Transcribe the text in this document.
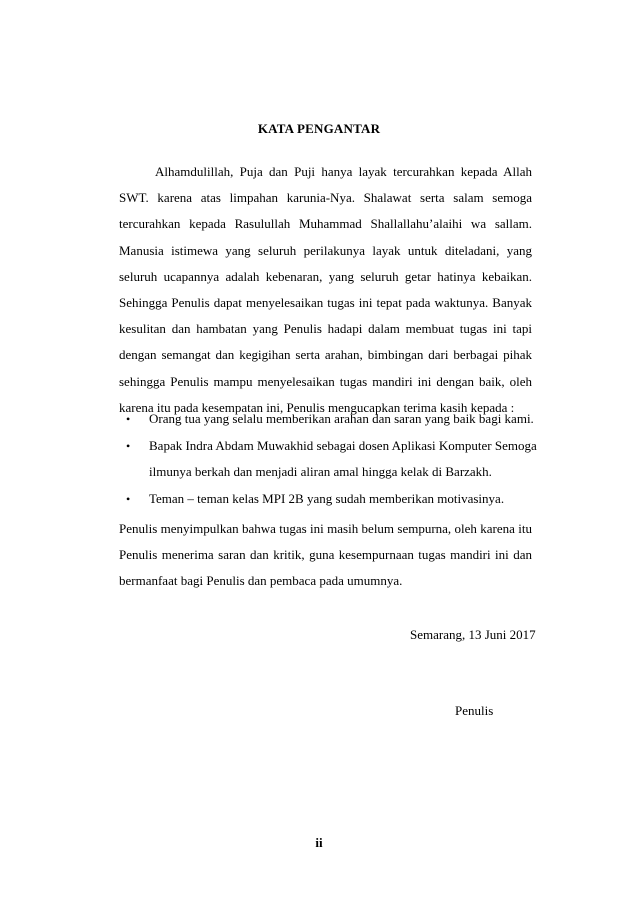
KATA PENGANTAR

Alhamdulillah, Puja dan Puji hanya layak tercurahkan kepada Allah SWT. karena atas limpahan karunia-Nya. Shalawat serta salam semoga tercurahkan kepada Rasulullah Muhammad Shallallahu’alaihi wa sallam. Manusia istimewa yang seluruh perilakunya layak untuk diteladani, yang seluruh ucapannya adalah kebenaran, yang seluruh getar hatinya kebaikan. Sehingga Penulis dapat menyelesaikan tugas ini tepat pada waktunya. Banyak kesulitan dan hambatan yang Penulis hadapi dalam membuat tugas ini tapi dengan semangat dan kegigihan serta arahan, bimbingan dari berbagai pihak sehingga Penulis mampu menyelesaikan tugas mandiri ini dengan baik, oleh karena itu pada kesempatan ini, Penulis mengucapkan terima kasih kepada :

• Orang tua yang selalu memberikan arahan dan saran yang baik bagi kami.
• Bapak Indra Abdam Muwakhid sebagai dosen Aplikasi Komputer Semoga
ilmunya berkah dan menjadi aliran amal hingga kelak di Barzakh.
• Teman – teman kelas MPI 2B yang sudah memberikan motivasinya.

Penulis menyimpulkan bahwa tugas ini masih belum sempurna, oleh karena itu Penulis menerima saran dan kritik, guna kesempurnaan tugas mandiri ini dan bermanfaat bagi Penulis dan pembaca pada umumnya.

Semarang, 13 Juni 2017
Penulis
ii
